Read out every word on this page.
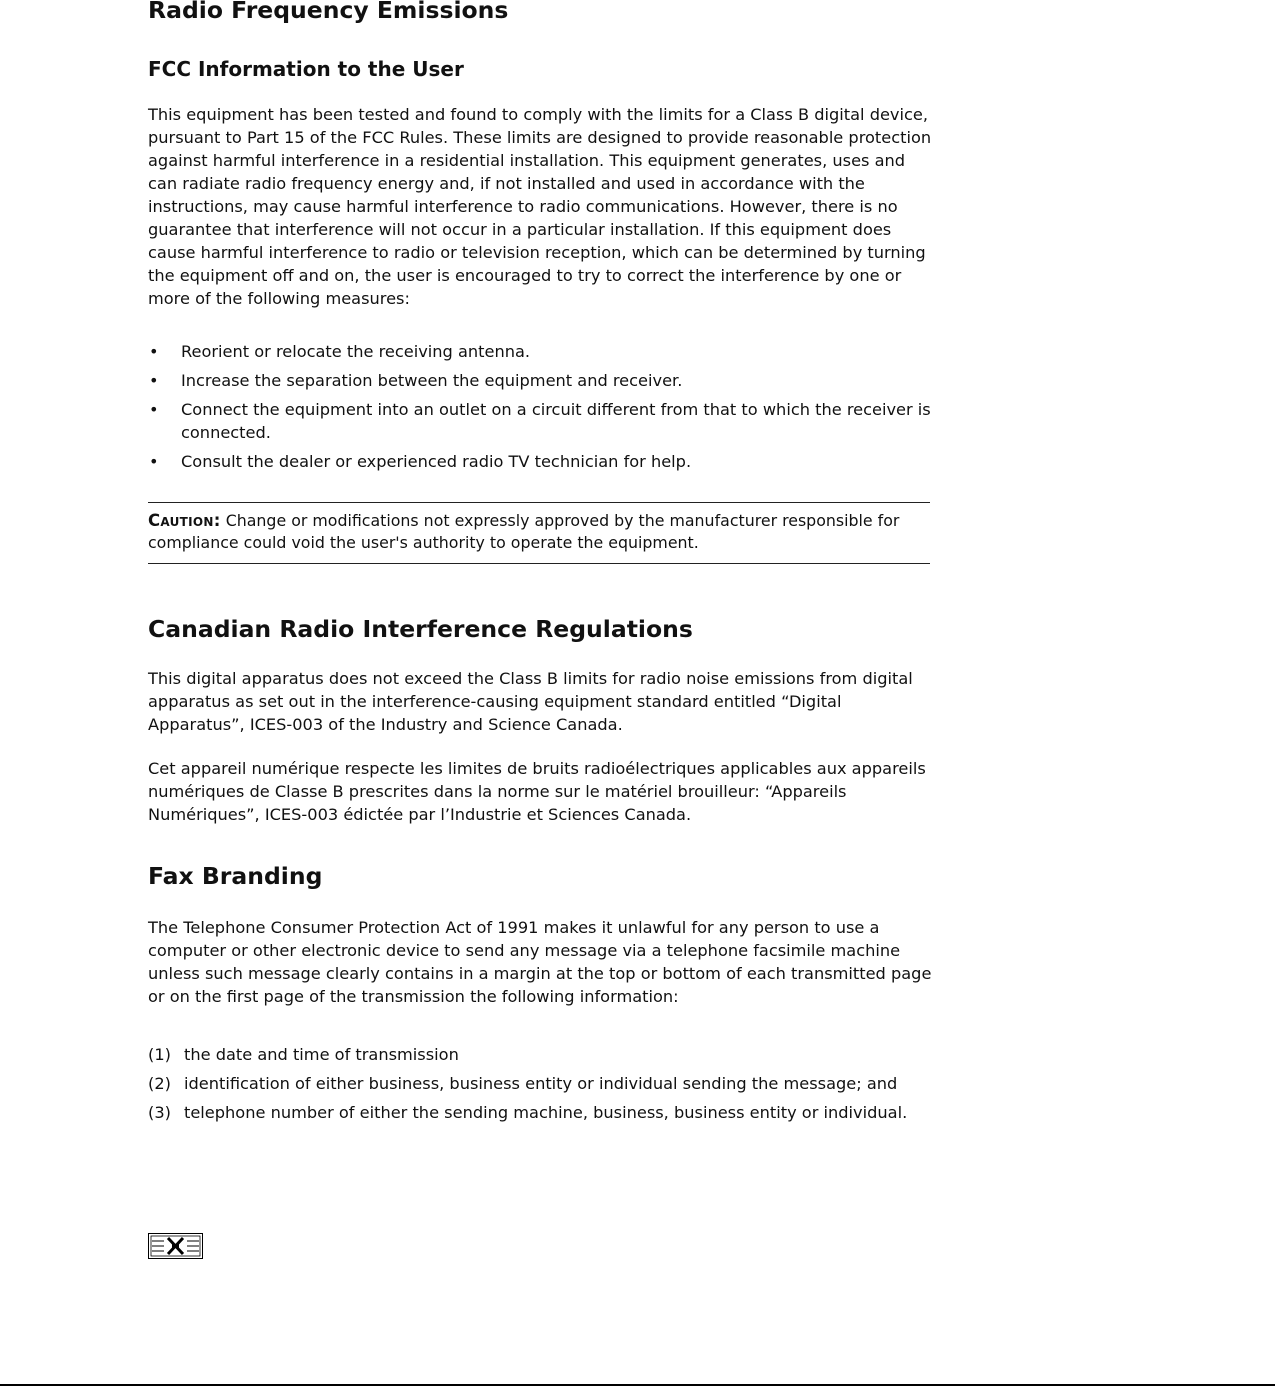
Radio Frequency Emissions
FCC Information to the User

This equipment has been tested and found to comply with the limits for a Class B digital device, pursuant to Part 15 of the FCC Rules. These limits are designed to provide reasonable protection against harmful interference in a residential installation. This equipment generates, uses and can radiate radio frequency energy and, if not installed and used in accordance with the instructions, may cause harmful interference to radio communications. However, there is no guarantee that interference will not occur in a particular installation. If this equipment does cause harmful interference to radio or television reception, which can be determined by turning the equipment off and on, the user is encouraged to try to correct the interference by one or more of the following measures:

• Reorient or relocate the receiving antenna.
• Increase the separation between the equipment and receiver.
• Connect the equipment into an outlet on a circuit different from that to which the receiver is connected.
• Consult the dealer or experienced radio TV technician for help.
Caution: Change or modifications not expressly approved by the manufacturer responsible for compliance could void the user's authority to operate the equipment.
Canadian Radio Interference Regulations

This digital apparatus does not exceed the Class B limits for radio noise emissions from digital apparatus as set out in the interference-causing equipment standard entitled “Digital Apparatus”, ICES-003 of the Industry and Science Canada.

Cet appareil numérique respecte les limites de bruits radioélectriques applicables aux appareils numériques de Classe B prescrites dans la norme sur le matériel brouilleur: “Appareils Numériques”, ICES-003 édictée par l’Industrie et Sciences Canada.

Fax Branding

The Telephone Consumer Protection Act of 1991 makes it unlawful for any person to use a computer or other electronic device to send any message via a telephone facsimile machine unless such message clearly contains in a margin at the top or bottom of each transmitted page or on the first page of the transmission the following information:

(1) the date and time of transmission
(2) identification of either business, business entity or individual sending the message; and
(3) telephone number of either the sending machine, business, business entity or individual.
